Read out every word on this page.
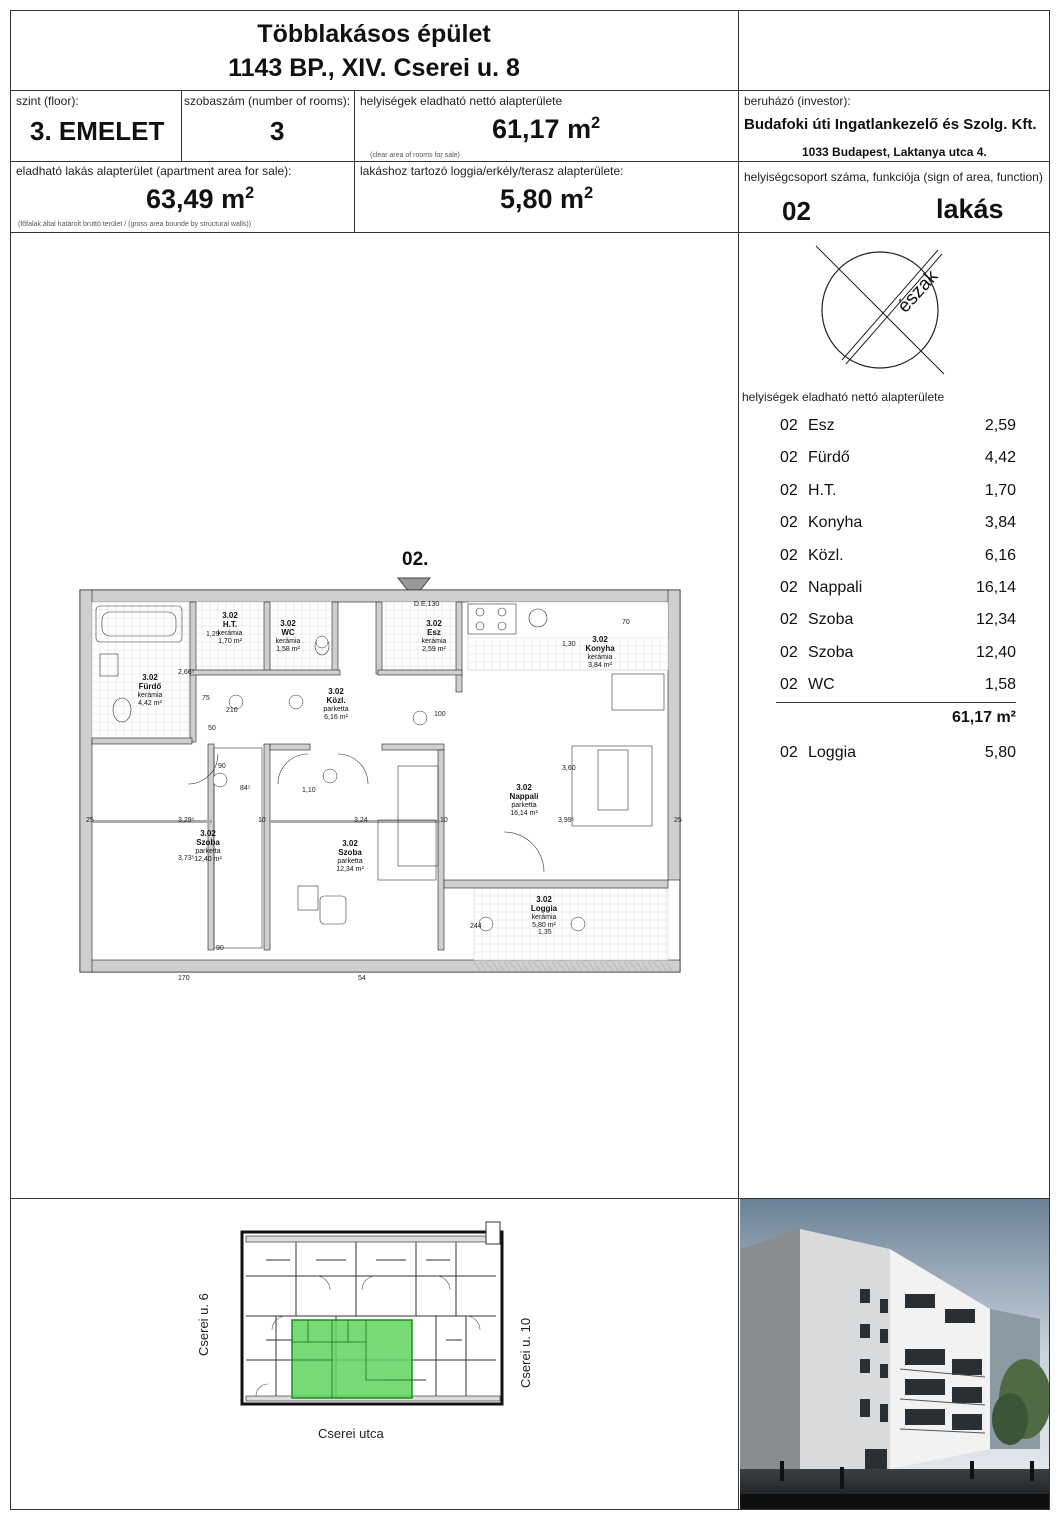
Többlakásos épület
1143 BP., XIV. Cserei u. 8
szint (floor):
3. EMELET
szobaszám (number of rooms):
3
helyiségek eladható nettó alapterülete
61,17 $m^2$
(clear area of rooms for sale)
beruházó (investor):
Budafoki úti Ingatlankezelő és Szolg. Kft.
1033 Budapest, Laktanya utca 4.
eladható lakás alapterület (apartment area for sale):
63,49 $m^2$
(főfalak által határolt bruttó terület / (gross area bounde by structural walls))
lakáshoz tartozó loggia/erkély/terasz alapterülete:
5,80 $m^2$
helyiségcsoport száma, funkciója (sign of area, function)
02	lakás
észak
helyiségek eladható nettó alapterülete
02 Esz	2,59
02 Fürdő	4,42
02 H.T.	1,70
02 Konyha	3,84
02 Közl.	6,16
02 Nappali	16,14
02 Szoba	12,34
02 Szoba	12,40
02 WC	1,58
61,17 m²
02 Loggia	5,80
02.
3.02
H.T.
kerámia
1,70 m²
3.02
WC
kerámia
1,58 m²
3.02
Esz
kerámia
2,59 m²
3.02
Konyha
kerámia
3,84 m²
3.02
Fürdő
kerámia
4,42 m²
3.02
Közl.
parketta
6,16 m²
3.02
Nappali
parketta
16,14 m²
3.02
Szoba
parketta
12,40 m²
3.02
Szoba
parketta
12,34 m²
3.02
Loggia
kerámia
5,80 m²
25	3,29⁵	10	3,24	10	3,99⁵	25
1,10
84⁵
50
75
210
90
100
1,30
3,60
3,73⁵
2,66⁵
1,29
70
54
170
90
244
1,35
D.E.130
Cserei u. 6	Cserei u. 10
Cserei utca
